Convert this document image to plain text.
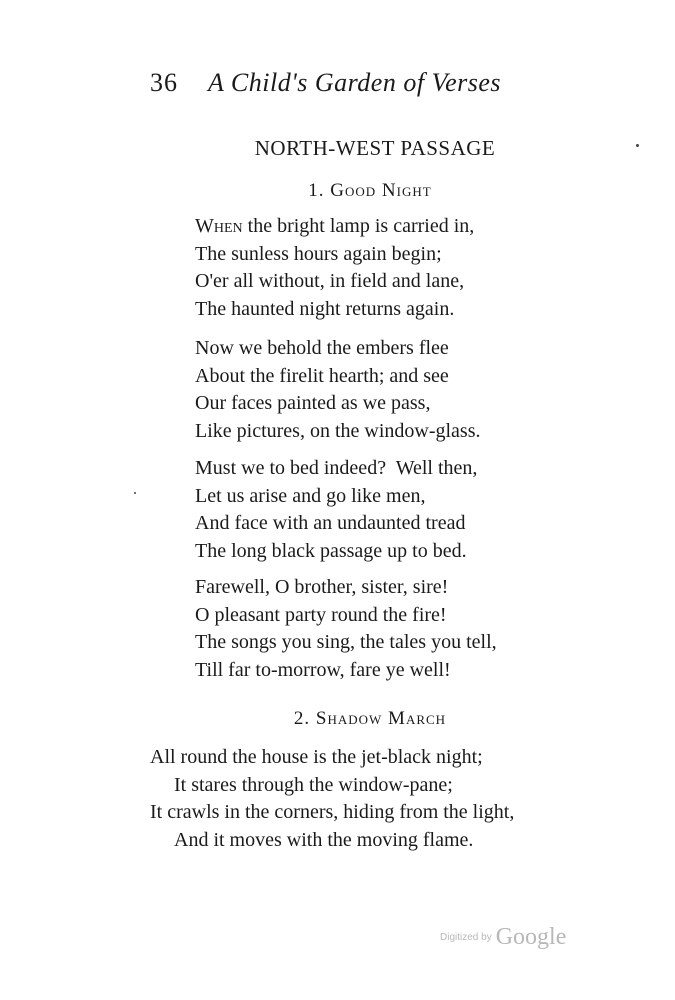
36 A Child's Garden of Verses
NORTH-WEST PASSAGE
1. Good Night
When the bright lamp is carried in,
The sunless hours again begin;
O'er all without, in field and lane,
The haunted night returns again.
Now we behold the embers flee
About the firelit hearth; and see
Our faces painted as we pass,
Like pictures, on the window-glass.
Must we to bed indeed?  Well then,
Let us arise and go like men,
And face with an undaunted tread
The long black passage up to bed.
Farewell, O brother, sister, sire!
O pleasant party round the fire!
The songs you sing, the tales you tell,
Till far to-morrow, fare ye well!
2. Shadow March
All round the house is the jet-black night;
It stares through the window-pane;
It crawls in the corners, hiding from the light,
And it moves with the moving flame.
Digitized by Google
